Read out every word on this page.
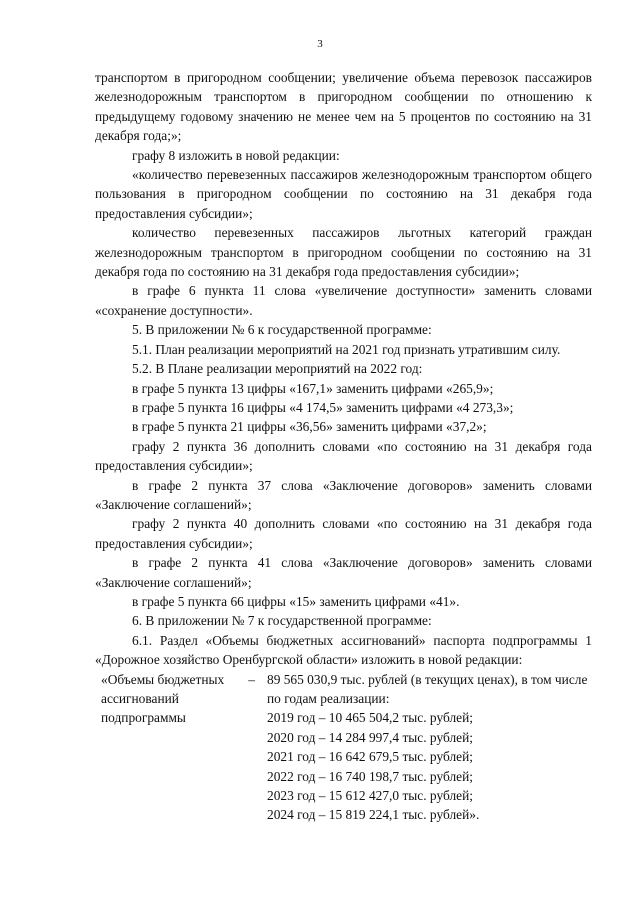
3

транспортом в пригородном сообщении; увеличение объема перевозок пассажиров железнодорожным транспортом в пригородном сообщении по отношению к предыдущему годовому значению не менее чем на 5 процентов по состоянию на 31 декабря года;»;

графу 8 изложить в новой редакции:

«количество перевезенных пассажиров железнодорожным транспортом общего пользования в пригородном сообщении по состоянию на 31 декабря года предоставления субсидии»;

количество перевезенных пассажиров льготных категорий граждан железнодорожным транспортом в пригородном сообщении по состоянию на 31 декабря года по состоянию на 31 декабря года предоставления субсидии»;

в графе 6 пункта 11 слова «увеличение доступности» заменить словами «сохранение доступности».

5. В приложении № 6 к государственной программе:

5.1. План реализации мероприятий на 2021 год признать утратившим силу.

5.2. В Плане реализации мероприятий на 2022 год:

в графе 5 пункта 13 цифры «167,1» заменить цифрами «265,9»;

в графе 5 пункта 16 цифры «4 174,5» заменить цифрами «4 273,3»;

в графе 5 пункта 21 цифры «36,56» заменить цифрами «37,2»;

графу 2 пункта 36 дополнить словами «по состоянию на 31 декабря года предоставления субсидии»;

в графе 2 пункта 37 слова «Заключение договоров» заменить словами «Заключение соглашений»;

графу 2 пункта 40 дополнить словами «по состоянию на 31 декабря года предоставления субсидии»;

в графе 2 пункта 41 слова «Заключение договоров» заменить словами «Заключение соглашений»;

в графе 5 пункта 66 цифры «15» заменить цифрами «41».

6. В приложении № 7 к государственной программе:

6.1. Раздел «Объемы бюджетных ассигнований» паспорта подпрограммы 1 «Дорожное хозяйство Оренбургской области» изложить в новой редакции:

–
«Объемы бюджетных ассигнований подпрограммы
89 565 030,9 тыс. рублей (в текущих ценах), в том числе по годам реализации:
2019 год – 10 465 504,2 тыс. рублей;
2020 год – 14 284 997,4 тыс. рублей;
2021 год – 16 642 679,5 тыс. рублей;
2022 год – 16 740 198,7 тыс. рублей;
2023 год – 15 612 427,0 тыс. рублей;
2024 год – 15 819 224,1 тыс. рублей».
